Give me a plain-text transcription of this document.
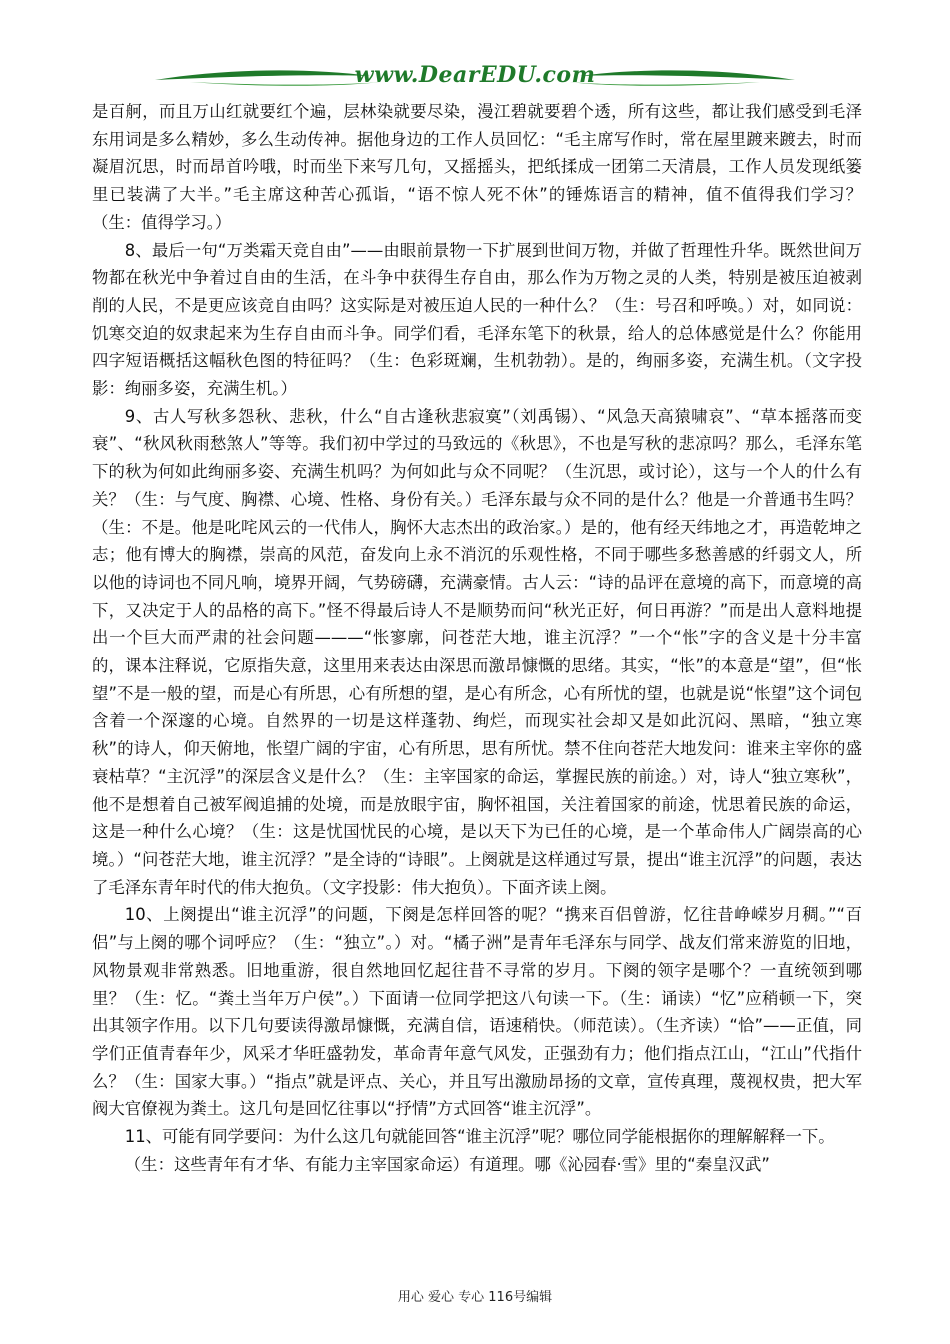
www.DearEDU.com

是百舸，而且万山红就要红个遍，层林染就要尽染，漫江碧就要碧个透，所有这些，都让我们感受到毛泽东用词是多么精妙，多么生动传神。据他身边的工作人员回忆：“毛主席写作时，常在屋里踱来踱去，时而凝眉沉思，时而昂首吟哦，时而坐下来写几句，又摇摇头，把纸揉成一团第二天清晨，工作人员发现纸篓里已装满了大半。”毛主席这种苦心孤诣，“语不惊人死不休”的锤炼语言的精神，值不值得我们学习？（生：值得学习。）

8、最后一句“万类霜天竞自由”——由眼前景物一下扩展到世间万物，并做了哲理性升华。既然世间万物都在秋光中争着过自由的生活，在斗争中获得生存自由，那么作为万物之灵的人类，特别是被压迫被剥削的人民，不是更应该竞自由吗？这实际是对被压迫人民的一种什么？（生：号召和呼唤。）对，如同说：饥寒交迫的奴隶起来为生存自由而斗争。同学们看，毛泽东笔下的秋景，给人的总体感觉是什么？你能用四字短语概括这幅秋色图的特征吗？（生：色彩斑斓，生机勃勃）。是的，绚丽多姿，充满生机。（文字投影：绚丽多姿，充满生机。）

9、古人写秋多怨秋、悲秋，什么“自古逢秋悲寂寞”（刘禹锡）、“风急天高猿啸哀”、“草本摇落而变衰”、“秋风秋雨愁煞人”等等。我们初中学过的马致远的《秋思》，不也是写秋的悲凉吗？那么，毛泽东笔下的秋为何如此绚丽多姿、充满生机吗？为何如此与众不同呢？（生沉思，或讨论），这与一个人的什么有关？（生：与气度、胸襟、心境、性格、身份有关。）毛泽东最与众不同的是什么？他是一介普通书生吗？（生：不是。他是叱咤风云的一代伟人，胸怀大志杰出的政治家。）是的，他有经天纬地之才，再造乾坤之志；他有博大的胸襟，崇高的风范，奋发向上永不消沉的乐观性格，不同于哪些多愁善感的纤弱文人，所以他的诗词也不同凡响，境界开阔，气势磅礴，充满豪情。古人云：“诗的品评在意境的高下，而意境的高下，又决定于人的品格的高下。”怪不得最后诗人不是顺势而问“秋光正好，何日再游？”而是出人意料地提出一个巨大而严肃的社会问题———“怅寥廓，问苍茫大地，谁主沉浮？”一个“怅”字的含义是十分丰富的，课本注释说，它原指失意，这里用来表达由深思而激昂慷慨的思绪。其实，“怅”的本意是“望”，但“怅望”不是一般的望，而是心有所思，心有所想的望，是心有所念，心有所忧的望，也就是说“怅望”这个词包含着一个深邃的心境。自然界的一切是这样蓬勃、绚烂，而现实社会却又是如此沉闷、黑暗，“独立寒秋”的诗人，仰天俯地，怅望广阔的宇宙，心有所思，思有所忧。禁不住向苍茫大地发问：谁来主宰你的盛衰枯草？“主沉浮”的深层含义是什么？（生：主宰国家的命运，掌握民族的前途。）对，诗人“独立寒秋”，他不是想着自己被军阀追捕的处境，而是放眼宇宙，胸怀祖国，关注着国家的前途，忧思着民族的命运，这是一种什么心境？（生：这是忧国忧民的心境，是以天下为已任的心境，是一个革命伟人广阔崇高的心境。）“问苍茫大地，谁主沉浮？”是全诗的“诗眼”。上阕就是这样通过写景，提出“谁主沉浮”的问题，表达了毛泽东青年时代的伟大抱负。（文字投影：伟大抱负）。下面齐读上阕。

10、上阕提出“谁主沉浮”的问题，下阕是怎样回答的呢？“携来百侣曾游，忆往昔峥嵘岁月稠。”“百侣”与上阕的哪个词呼应？（生：“独立”。）对。“橘子洲”是青年毛泽东与同学、战友们常来游览的旧地，风物景观非常熟悉。旧地重游，很自然地回忆起往昔不寻常的岁月。下阕的领字是哪个？一直统领到哪里？（生：忆。“粪土当年万户侯”。）下面请一位同学把这八句读一下。（生：诵读）“忆”应稍顿一下，突出其领字作用。以下几句要读得激昂慷慨，充满自信，语速稍快。（师范读）。（生齐读）“恰”——正值，同学们正值青春年少，风采才华旺盛勃发，革命青年意气风发，正强劲有力；他们指点江山，“江山”代指什么？（生：国家大事。）“指点”就是评点、关心，并且写出激励昂扬的文章，宣传真理，蔑视权贵，把大军阀大官僚视为粪土。这几句是回忆往事以“抒情”方式回答“谁主沉浮”。

11、可能有同学要问：为什么这几句就能回答“谁主沉浮”呢？哪位同学能根据你的理解解释一下。

（生：这些青年有才华、有能力主宰国家命运）有道理。哪《沁园春·雪》里的“秦皇汉武”

用心 爱心 专心 116号编辑
